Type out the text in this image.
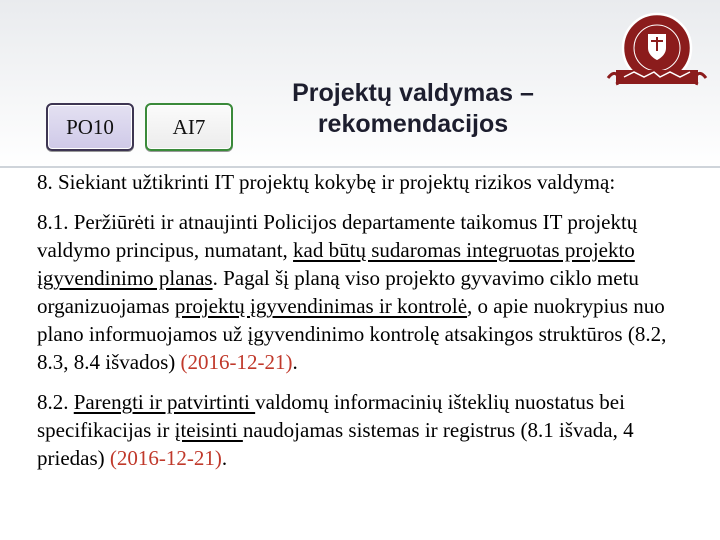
PO10	AI7
Projektų valdymas –
rekomendacijos

8. Siekiant užtikrinti IT projektų kokybę ir projektų rizikos valdymą:

8.1. Peržiūrėti ir atnaujinti Policijos departamente taikomus IT projektų valdymo principus, numatant, kad būtų sudaromas integruotas projekto įgyvendinimo planas. Pagal šį planą viso projekto gyvavimo ciklo metu organizuojamas projektų įgyvendinimas ir kontrolė, o apie nuokrypius nuo plano informuojamos už įgyvendinimo kontrolę atsakingos struktūros (8.2, 8.3, 8.4 išvados) (2016-12-21).

8.2. Parengti ir patvirtinti valdomų informacinių išteklių nuostatus bei specifikacijas ir įteisinti naudojamas sistemas ir registrus (8.1 išvada, 4 priedas) (2016-12-21).
